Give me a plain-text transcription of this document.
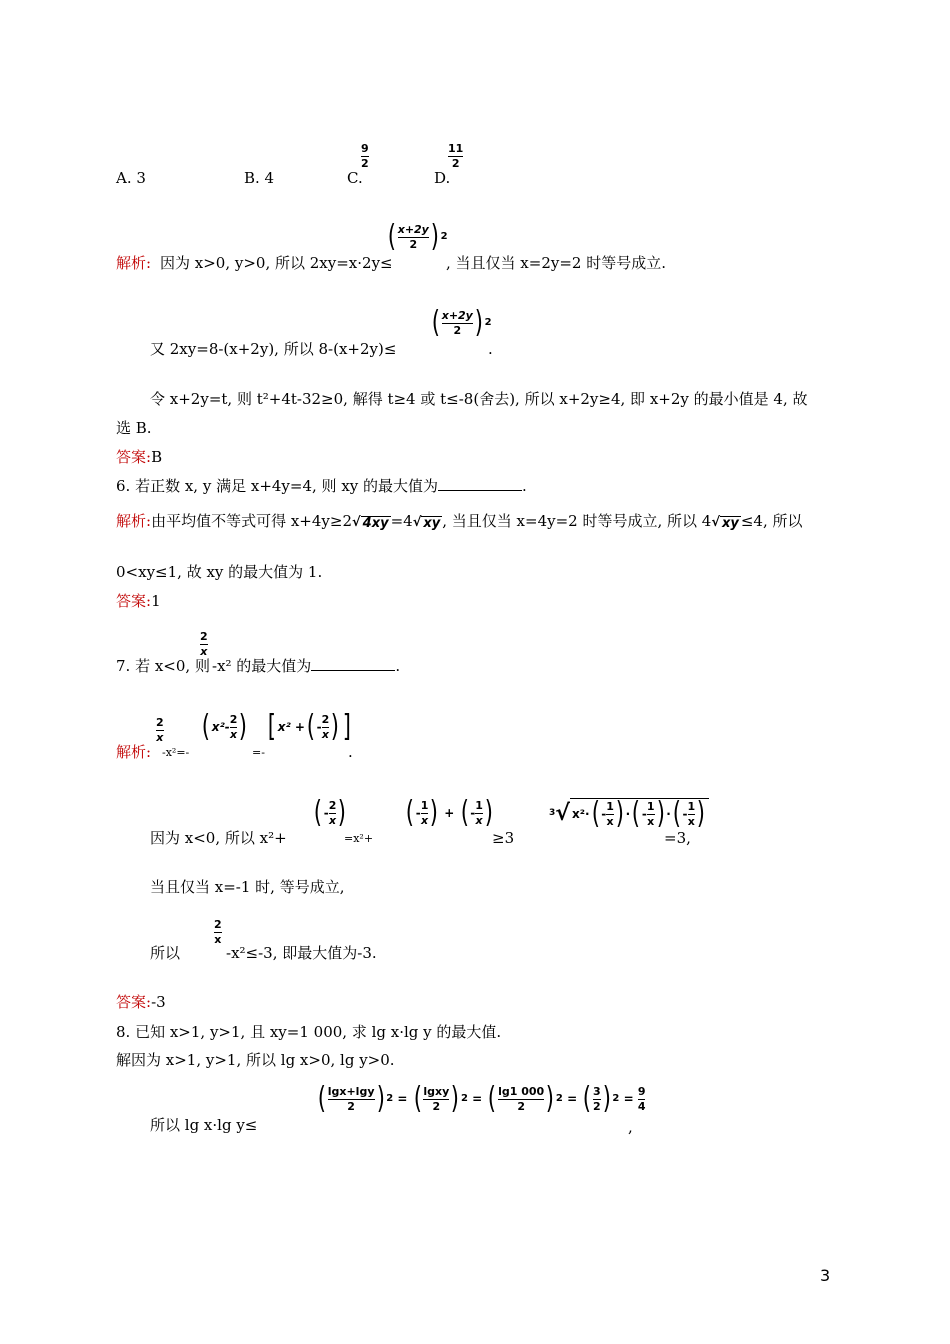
A. 3	B. 4	C.
$\frac{9}{2}$
D.
$\frac{11}{2}$
解析: 因为 x>0, y>0, 所以 2xy=x·2y≤
( $\frac{x+2y}{2}$ ) 2
, 当且仅当 x=2y=2 时等号成立.
又 2xy=8-(x+2y), 所以 8-(x+2y)≤
( $\frac{x+2y}{2}$ ) 2
.
令 x+2y=t, 则 t²+4t-32≥0, 解得 t≥4 或 t≤-8(舍去), 所以 x+2y≥4, 即 x+2y 的最小值是 4, 故
选 B.
答案:B
6. 若正数 x, y 满足 x+4y=4, 则 xy 的最大值为	.
解析:由平均值不等式可得 x+4y≥2 √ 4xy =4 √ xy , 当且仅当 x=4y=2 时等号成立, 所以 4 √ xy ≤4, 所以
0<xy≤1, 故 xy 的最大值为 1.
答案:1
7. 若 x<0, 则
$\frac{2}{x}$
-x² 的最大值为	.
$\frac{2}{x}$
解析: -x²=-
( $x^2- \frac{2}{x}$ )
=-
[ x² + ( - $\frac{2}{x}$ ) ]
.
因为 x<0, 所以 x²+
( - $\frac{2}{x}$ )
=x²+
( - $\frac{1}{x}$ ) + ( - $\frac{1}{x}$ )
≥3
3 √ x²· ( - $\frac{1}{x}$ ) · ( - $\frac{1}{x}$ ) · ( - $\frac{1}{x}$ )
=3,
当且仅当 x=-1 时, 等号成立,
所以
$\frac{2}{x}$
-x²≤-3, 即最大值为-3.
答案:-3
8. 已知 x>1, y>1, 且 xy=1 000, 求 lg x·lg y 的最大值.
解因为 x>1, y>1, 所以 lg x>0, lg y>0.
所以 lg x·lg y≤
( $\frac{\lg x+\lg y}{2}$ ) 2
=
( $\frac{\text{lgxy}}{2}$ ) 2
=
( $\frac{\lg 1 000}{2}$ ) 2
=
( $\frac{3}{2}$ ) 2
=
$\frac{9}{4}$
,
3
